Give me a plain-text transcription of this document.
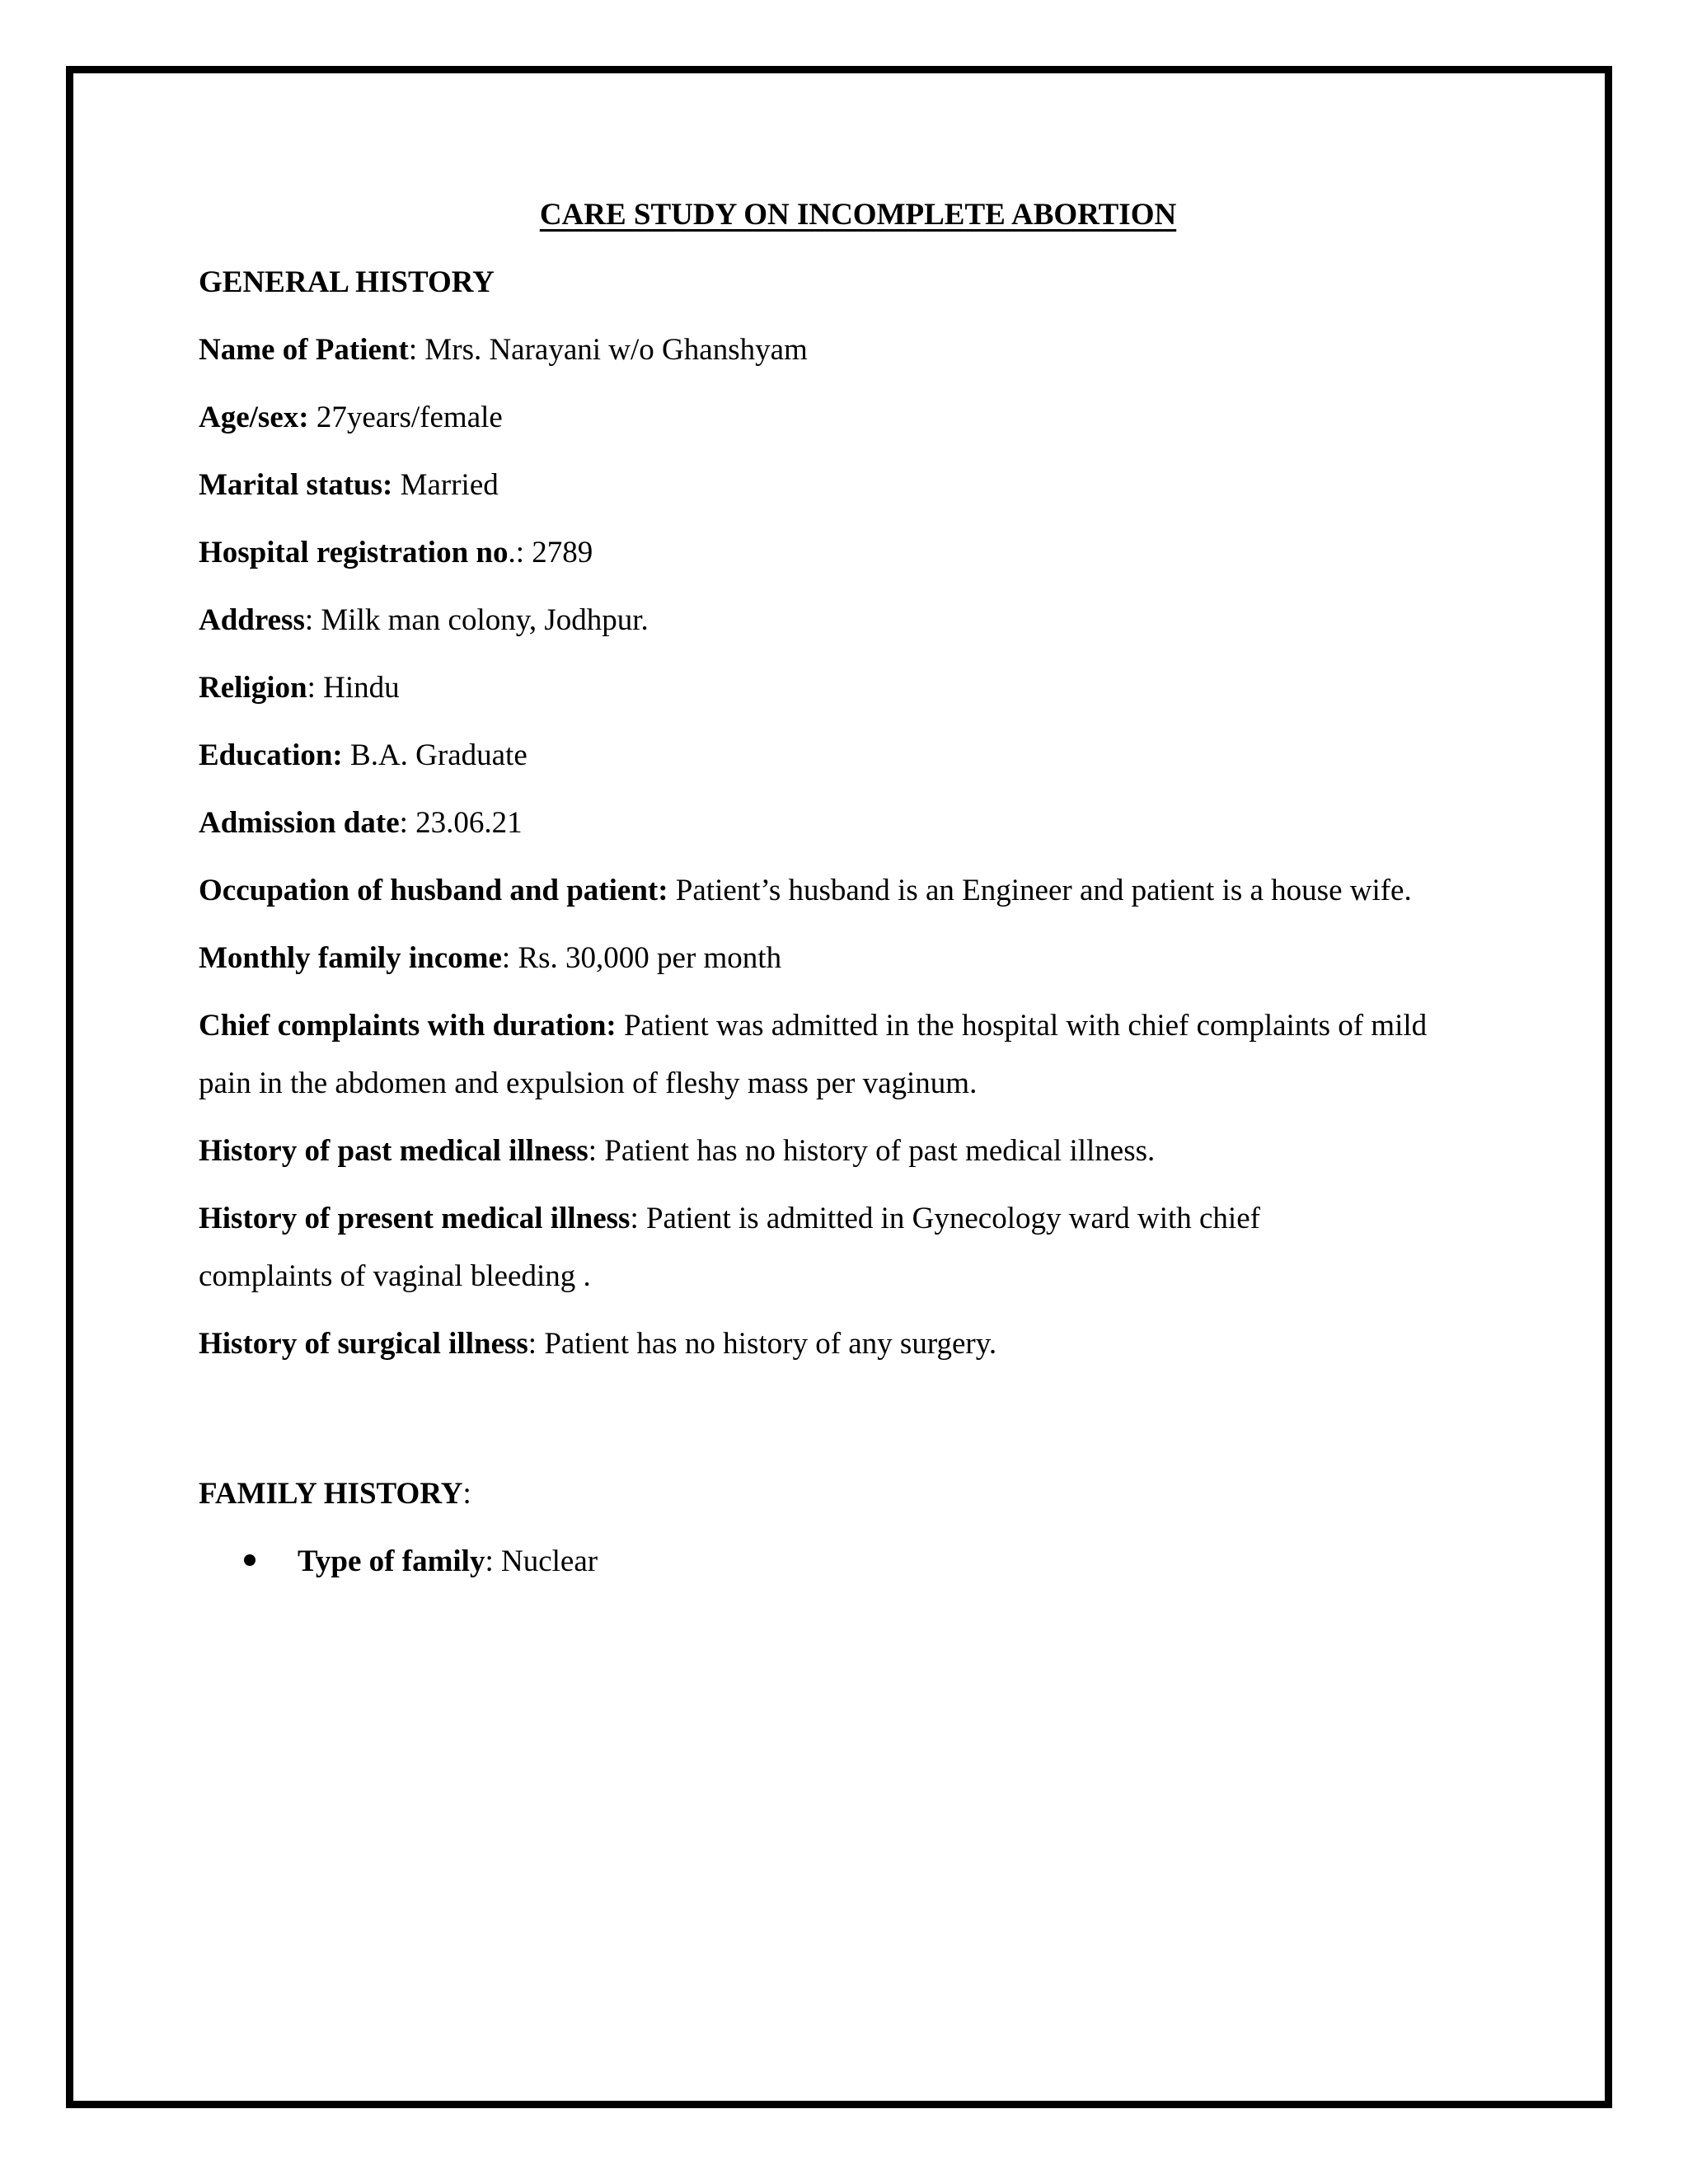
CARE STUDY ON INCOMPLETE ABORTION
GENERAL HISTORY
Name of Patient: Mrs. Narayani w/o Ghanshyam
Age/sex: 27years/female
Marital status: Married
Hospital registration no.: 2789
Address: Milk man colony, Jodhpur.
Religion: Hindu
Education: B.A. Graduate
Admission date: 23.06.21
Occupation of husband and patient: Patient’s husband is an Engineer and patient is a house wife.
Monthly family income: Rs. 30,000 per month
Chief complaints with duration: Patient was admitted in the hospital with chief complaints of mild pain in the abdomen and expulsion of fleshy mass per vaginum.
History of past medical illness: Patient has no history of past medical illness.
History of present medical illness: Patient is admitted in Gynecology ward with chief complaints of vaginal bleeding .
History of surgical illness: Patient has no history of any surgery.
FAMILY HISTORY:
Type of family: Nuclear
